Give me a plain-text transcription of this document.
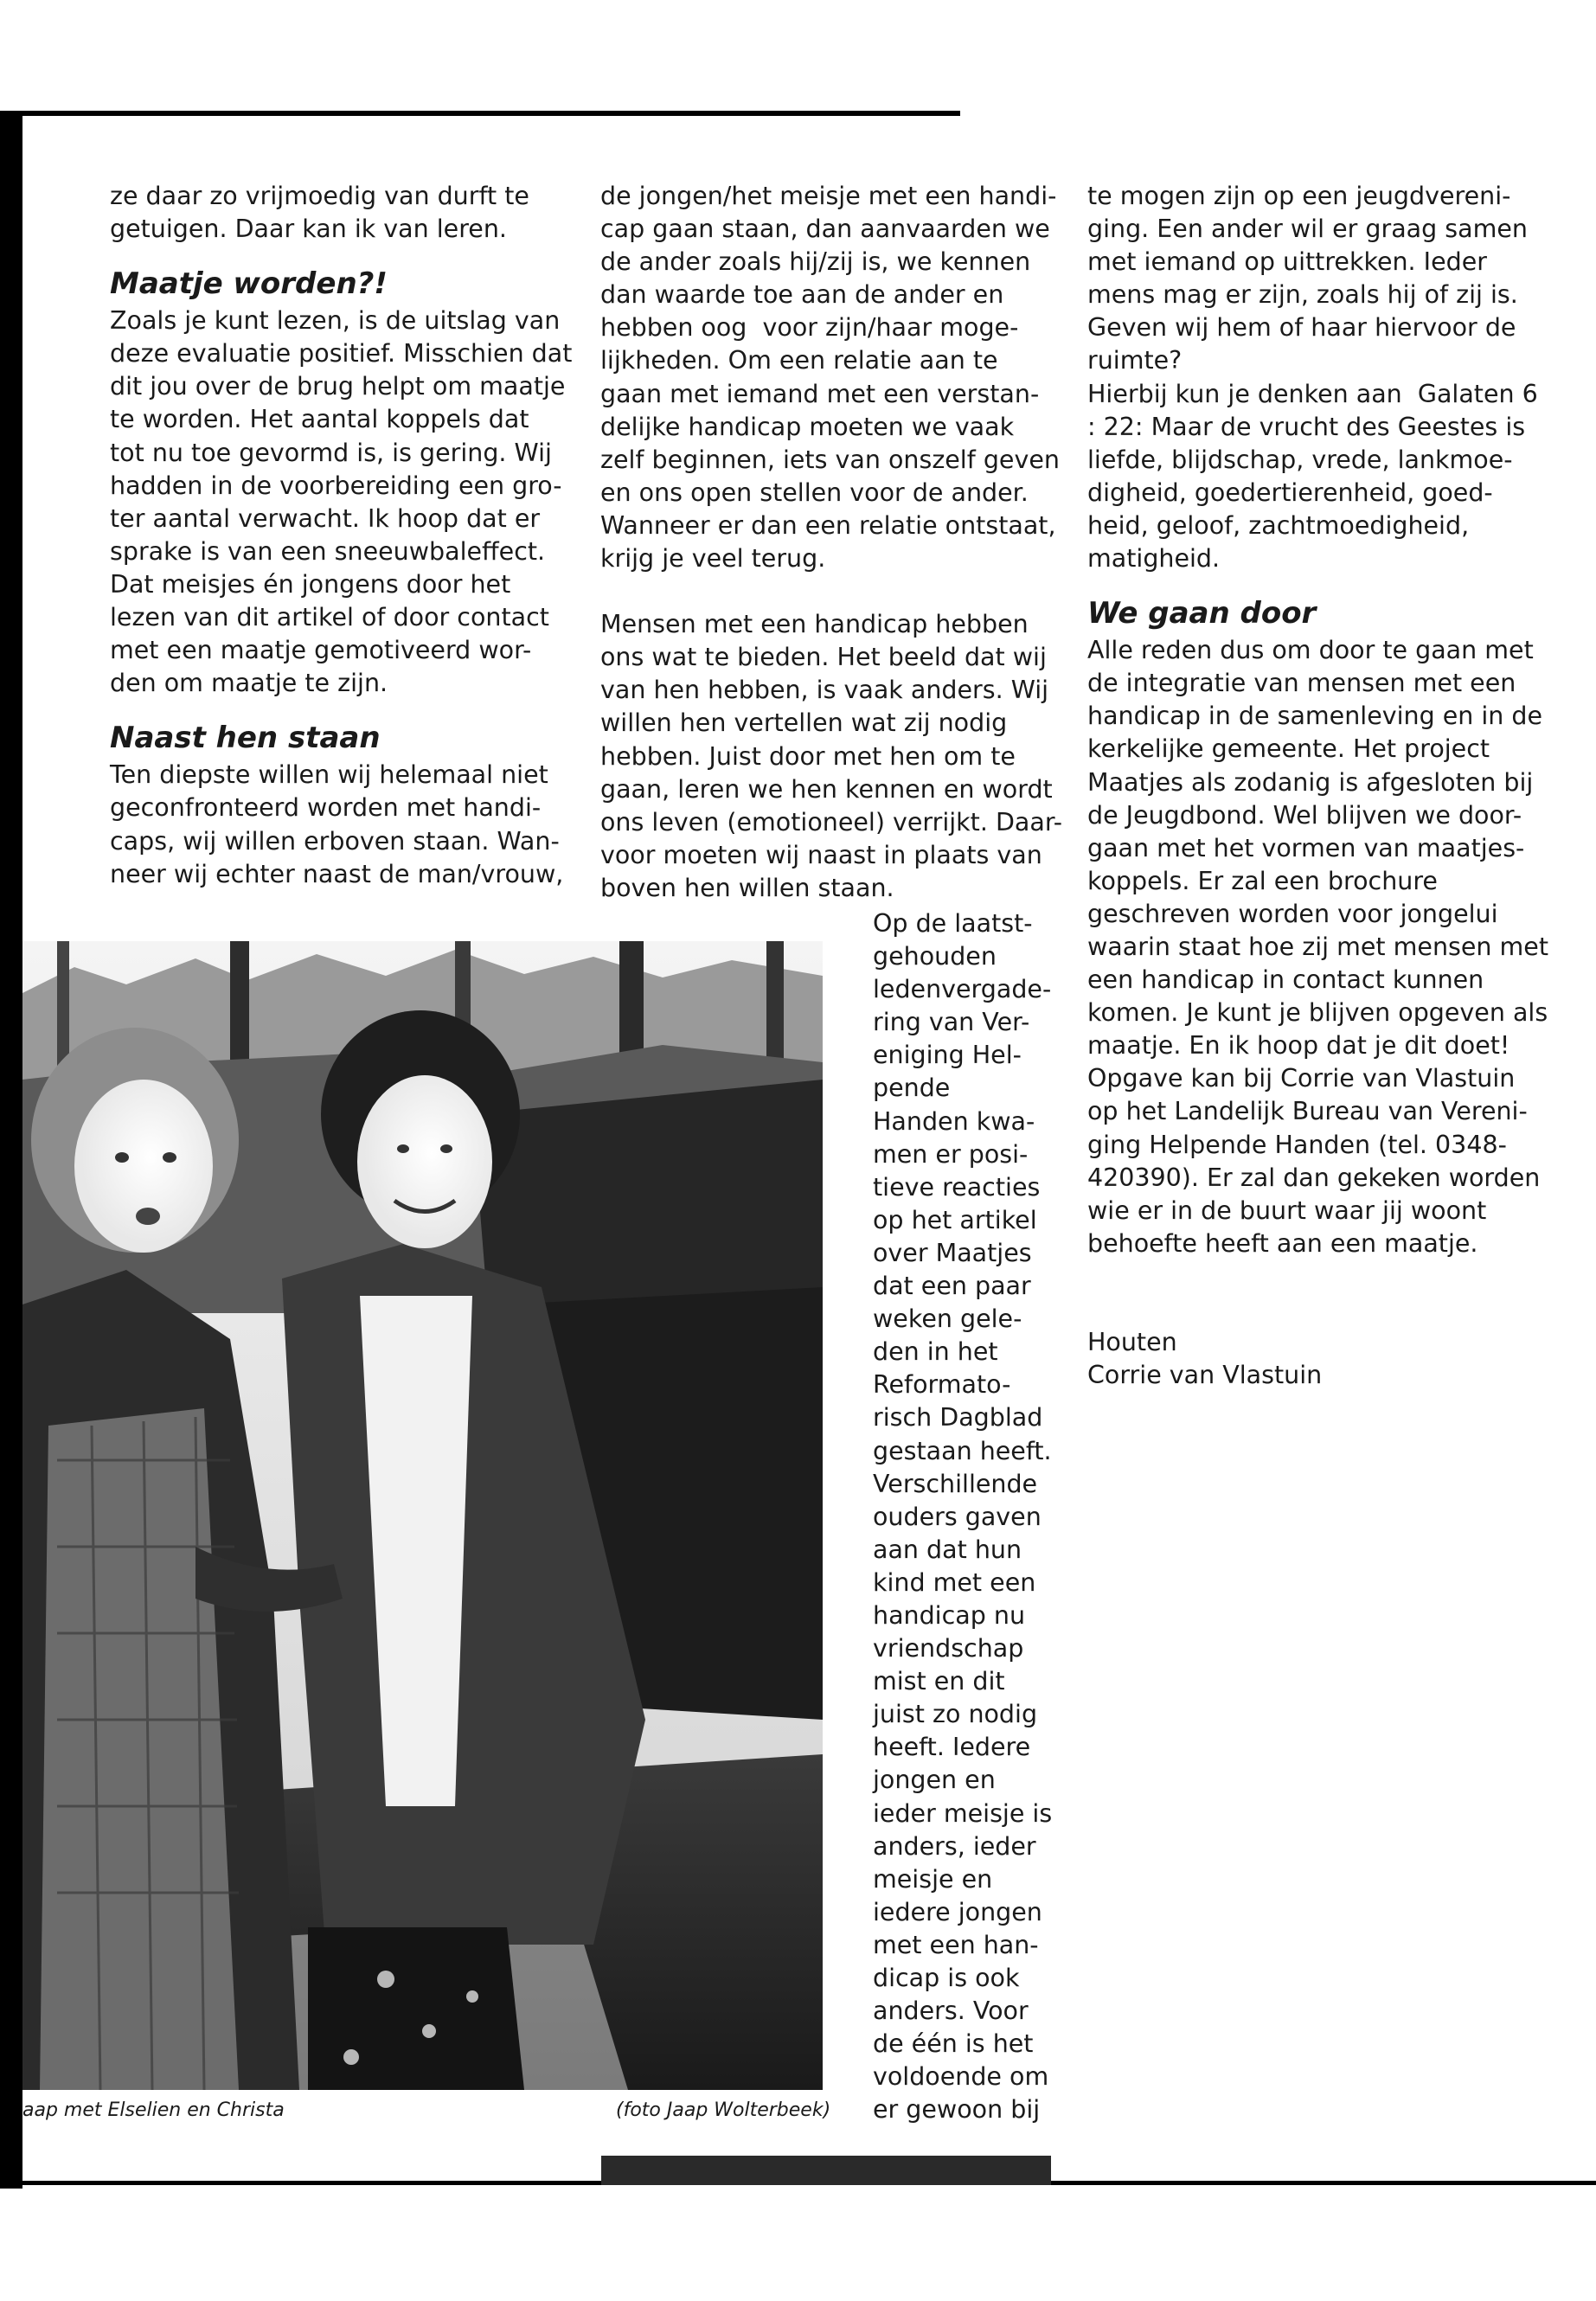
ze daar zo vrijmoedig van durft te

getuigen. Daar kan ik van leren.

Maatje worden?!

Zoals je kunt lezen, is de uitslag van

deze evaluatie positief. Misschien dat

dit jou over de brug helpt om maatje

te worden. Het aantal koppels dat

tot nu toe gevormd is, is gering. Wij

hadden in de voorbereiding een gro-

ter aantal verwacht. Ik hoop dat er

sprake is van een sneeuwbaleffect.

Dat meisjes én jongens door het

lezen van dit artikel of door contact

met een maatje gemotiveerd wor-

den om maatje te zijn.

Naast hen staan

Ten diepste willen wij helemaal niet

geconfronteerd worden met handi-

caps, wij willen erboven staan. Wan-

neer wij echter naast de man/vrouw,

de jongen/het meisje met een handi-

cap gaan staan, dan aanvaarden we

de ander zoals hij/zij is, we kennen

dan waarde toe aan de ander en

hebben oog  voor zijn/haar moge-

lijkheden. Om een relatie aan te

gaan met iemand met een verstan-

delijke handicap moeten we vaak

zelf beginnen, iets van onszelf geven

en ons open stellen voor de ander.

Wanneer er dan een relatie ontstaat,

krijg je veel terug.

Mensen met een handicap hebben

ons wat te bieden. Het beeld dat wij

van hen hebben, is vaak anders. Wij

willen hen vertellen wat zij nodig

hebben. Juist door met hen om te

gaan, leren we hen kennen en wordt

ons leven (emotioneel) verrijkt. Daar-

voor moeten wij naast in plaats van

boven hen willen staan.

Op de laatst-

gehouden

ledenvergade-

ring van Ver-

eniging Hel-

pende

Handen kwa-

men er posi-

tieve reacties

op het artikel

over Maatjes

dat een paar

weken gele-

den in het

Reformato-

risch Dagblad

gestaan heeft.

Verschillende

ouders gaven

aan dat hun

kind met een

handicap nu

vriendschap

mist en dit

juist zo nodig

heeft. Iedere

jongen en

ieder meisje is

anders, ieder

meisje en

iedere jongen

met een han-

dicap is ook

anders. Voor

de één is het

voldoende om

er gewoon bij

te mogen zijn op een jeugdvereni-

ging. Een ander wil er graag samen

met iemand op uittrekken. Ieder

mens mag er zijn, zoals hij of zij is.

Geven wij hem of haar hiervoor de

ruimte?

Hierbij kun je denken aan  Galaten 6

: 22: Maar de vrucht des Geestes is

liefde, blijdschap, vrede, lankmoe-

digheid, goedertierenheid, goed-

heid, geloof, zachtmoedigheid,

matigheid.

We gaan door

Alle reden dus om door te gaan met

de integratie van mensen met een

handicap in de samenleving en in de

kerkelijke gemeente. Het project

Maatjes als zodanig is afgesloten bij

de Jeugdbond. Wel blijven we door-

gaan met het vormen van maatjes-

koppels. Er zal een brochure

geschreven worden voor jongelui

waarin staat hoe zij met mensen met

een handicap in contact kunnen

komen. Je kunt je blijven opgeven als

maatje. En ik hoop dat je dit doet!

Opgave kan bij Corrie van Vlastuin

op het Landelijk Bureau van Vereni-

ging Helpende Handen (tel. 0348-

420390). Er zal dan gekeken worden

wie er in de buurt waar jij woont

behoefte heeft aan een maatje.

Houten

Corrie van Vlastuin

aap met Elselien en Christa	(foto Jaap Wolterbeek)
